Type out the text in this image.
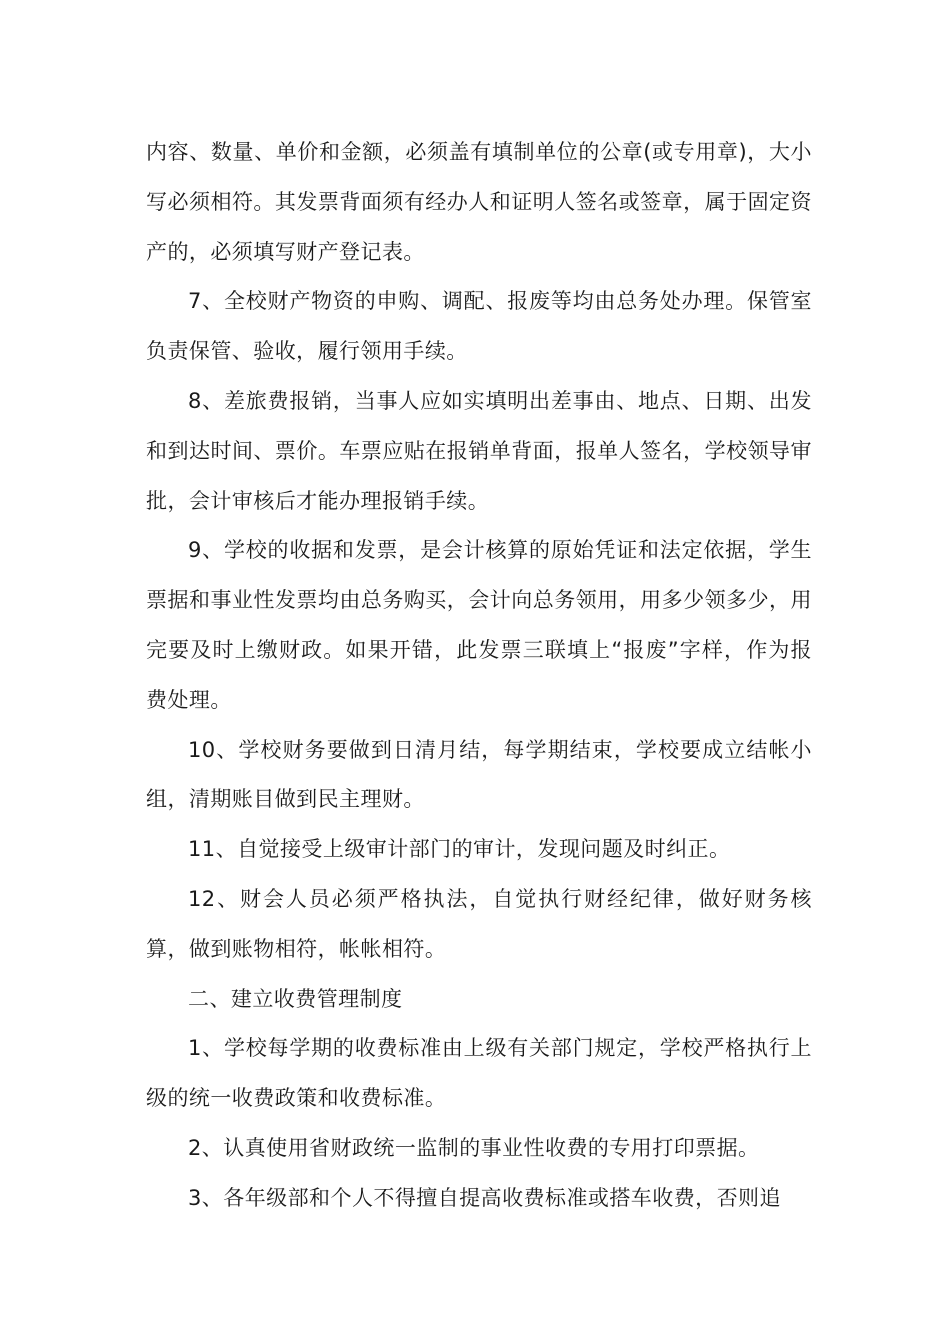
内容、数量、单价和金额，必须盖有填制单位的公章(或专用章)，大小写必须相符。其发票背面须有经办人和证明人签名或签章，属于固定资产的，必须填写财产登记表。

7、全校财产物资的申购、调配、报废等均由总务处办理。保管室负责保管、验收，履行领用手续。

8、差旅费报销，当事人应如实填明出差事由、地点、日期、出发和到达时间、票价。车票应贴在报销单背面，报单人签名，学校领导审批，会计审核后才能办理报销手续。

9、学校的收据和发票，是会计核算的原始凭证和法定依据，学生票据和事业性发票均由总务购买，会计向总务领用，用多少领多少，用完要及时上缴财政。如果开错，此发票三联填上“报废”字样，作为报费处理。

10、学校财务要做到日清月结，每学期结束，学校要成立结帐小组，清期账目做到民主理财。

11、自觉接受上级审计部门的审计，发现问题及时纠正。

12、财会人员必须严格执法，自觉执行财经纪律，做好财务核算，做到账物相符，帐帐相符。

二、建立收费管理制度

1、学校每学期的收费标准由上级有关部门规定，学校严格执行上级的统一收费政策和收费标准。

2、认真使用省财政统一监制的事业性收费的专用打印票据。

3、各年级部和个人不得擅自提高收费标准或搭车收费，否则追
